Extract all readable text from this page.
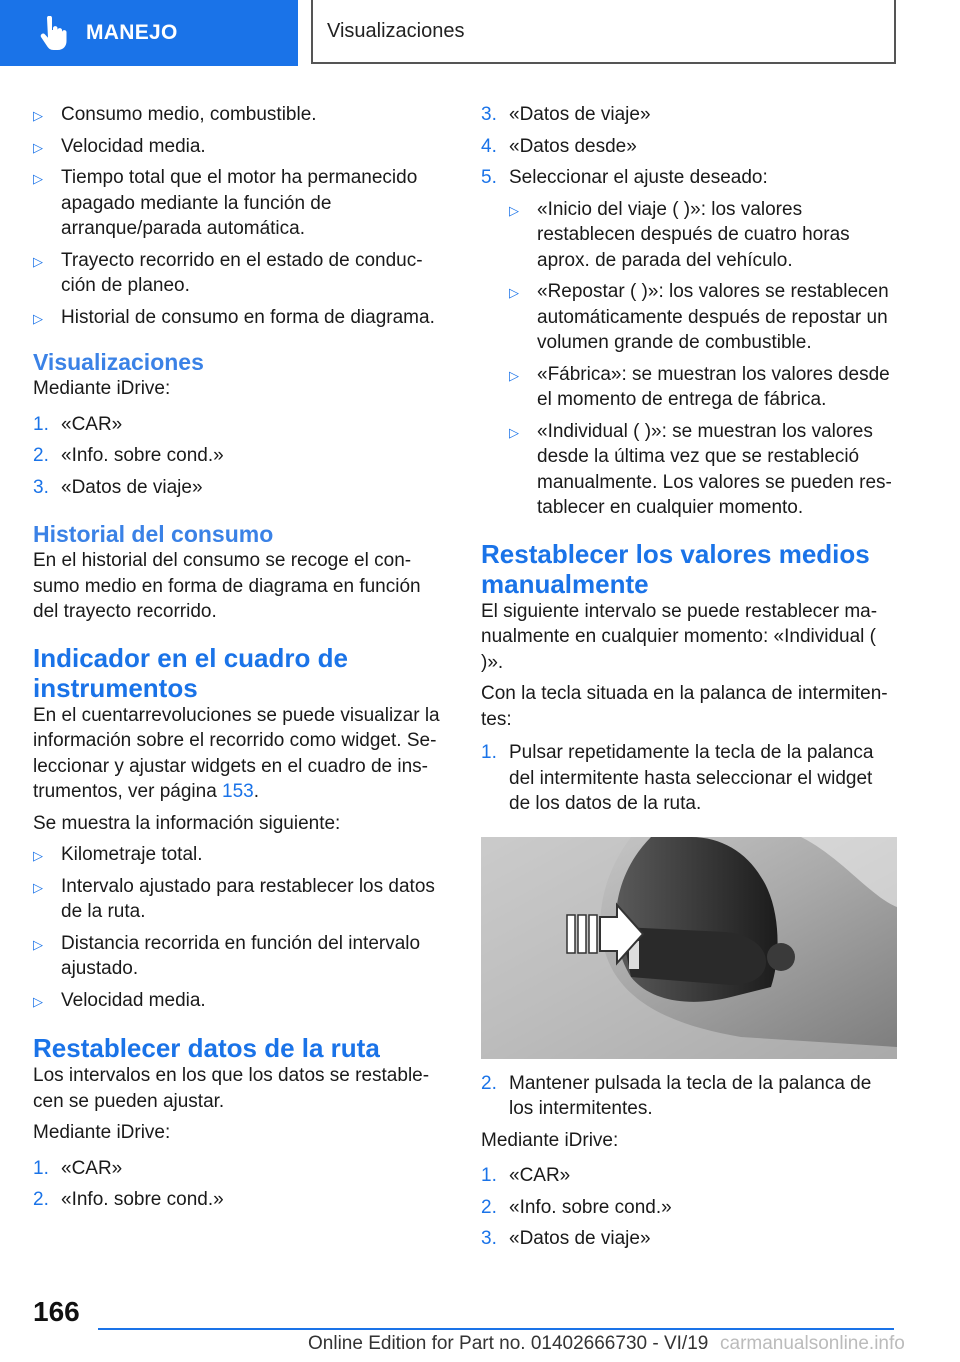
MANEJO	Visualizaciones
▷ Consumo medio, combustible.
▷ Velocidad media.
▷ Tiempo total que el motor ha permanecido apagado mediante la función de arranque/parada automática.
▷ Trayecto recorrido en el estado de conduc-ción de planeo.
▷ Historial de consumo en forma de diagrama.
Visualizaciones

Mediante iDrive:

1. «CAR»
2. «Info. sobre cond.»
3. «Datos de viaje»
Historial del consumo

En el historial del consumo se recoge el con-sumo medio en forma de diagrama en función del trayecto recorrido.

Indicador en el cuadro de instrumentos

En el cuentarrevoluciones se puede visualizar la información sobre el recorrido como widget. Se-leccionar y ajustar widgets en el cuadro de ins-trumentos, ver página 153.

Se muestra la información siguiente:

▷ Kilometraje total.
▷ Intervalo ajustado para restablecer los datos de la ruta.
▷ Distancia recorrida en función del intervalo ajustado.
▷ Velocidad media.
Restablecer datos de la ruta

Los intervalos en los que los datos se restable-cen se pueden ajustar.

Mediante iDrive:

1. «CAR»
2. «Info. sobre cond.»
3. «Datos de viaje»
4. «Datos desde»
5. Seleccionar el ajuste deseado:
▷ «Inicio del viaje ( )»: los valores restablecen después de cuatro horas aprox. de parada del vehículo.
▷ «Repostar ( )»: los valores se restablecen automáticamente después de repostar un volumen grande de combustible.
▷ «Fábrica»: se muestran los valores desde el momento de entrega de fábrica.
▷ «Individual ( )»: se muestran los valores desde la última vez que se restableció manualmente. Los valores se pueden res-tablecer en cualquier momento.
Restablecer los valores medios manualmente

El siguiente intervalo se puede restablecer ma-nualmente en cualquier momento: «Individual ( )».

Con la tecla situada en la palanca de intermiten-tes:

1. Pulsar repetidamente la tecla de la palanca del intermitente hasta seleccionar el widget de los datos de la ruta.
2. Mantener pulsada la tecla de la palanca de los intermitentes.

Mediante iDrive:

1. «CAR»
2. «Info. sobre cond.»
3. «Datos de viaje»
166
Online Edition for Part no. 01402666730 - VI/19 carmanualsonline.info
